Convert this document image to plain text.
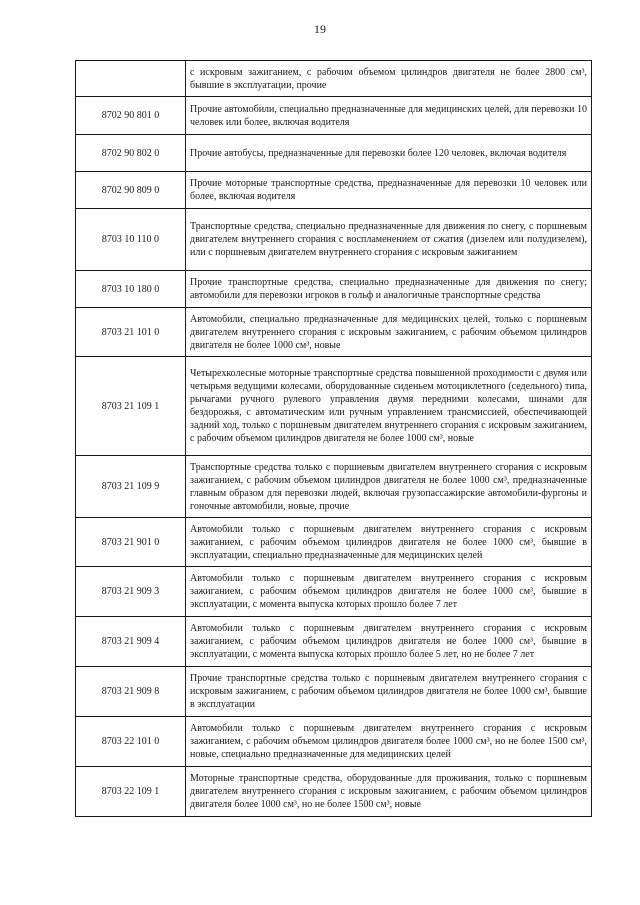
19
	с искровым зажиганием, с рабочим объемом цилиндров двигателя не более 2800 см³, бывшие в эксплуатации, прочие
8702 90 801 0	Прочие автомобили, специально предназначенные для медицинских целей, для перевозки 10 человек или более, включая водителя
8702 90 802 0	Прочие автобусы, предназначенные для перевозки более 120 человек, включая водителя
8702 90 809 0	Прочие моторные транспортные средства, предназначенные для перевозки 10 человек или более, включая водителя
8703 10 110 0	Транспортные средства, специально предназначенные для движения по снегу, с поршневым двигателем внутреннего сгорания с воспламенением от сжатия (дизелем или полудизелем), или с поршневым двигателем внутреннего сгорания с искровым зажиганием
8703 10 180 0	Прочие транспортные средства, специально предназначенные для движения по снегу; автомобили для перевозки игроков в гольф и аналогичные транспортные средства
8703 21 101 0	Автомобили, специально предназначенные для медицинских целей, только с поршневым двигателем внутреннего сгорания с искровым зажиганием, с рабочим объемом цилиндров двигателя не более 1000 см³, новые
8703 21 109 1	Четырехколесные моторные транспортные средства повышенной проходимости с двумя или четырьмя ведущими колесами, оборудованные сиденьем мотоциклетного (седельного) типа, рычагами ручного рулевого управления двумя передними колесами, шинами для бездорожья, с автоматическим или ручным управлением трансмиссией, обеспечивающей задний ход, только с поршневым двигателем внутреннего сгорания с искровым зажиганием, с рабочим объемом цилиндров двигателя не более 1000 см³, новые
8703 21 109 9	Транспортные средства только с поршневым двигателем внутреннего сгорания с искровым зажиганием, с рабочим объемом цилиндров двигателя не более 1000 см³, предназначенные главным образом для перевозки людей, включая грузопассажирские автомобили-фургоны и гоночные автомобили, новые, прочие
8703 21 901 0	Автомобили только с поршневым двигателем внутреннего сгорания с искровым зажиганием, с рабочим объемом цилиндров двигателя не более 1000 см³, бывшие в эксплуатации, специально предназначенные для медицинских целей
8703 21 909 3	Автомобили только с поршневым двигателем внутреннего сгорания с искровым зажиганием, с рабочим объемом цилиндров двигателя не более 1000 см³, бывшие в эксплуатации, с момента выпуска которых прошло более 7 лет
8703 21 909 4	Автомобили только с поршневым двигателем внутреннего сгорания с искровым зажиганием, с рабочим объемом цилиндров двигателя не более 1000 см³, бывшие в эксплуатации, с момента выпуска которых прошло более 5 лет, но не более 7 лет
8703 21 909 8	Прочие транспортные средства только с поршневым двигателем внутреннего сгорания с искровым зажиганием, с рабочим объемом цилиндров двигателя не более 1000 см³, бывшие в эксплуатации
8703 22 101 0	Автомобили только с поршневым двигателем внутреннего сгорания с искровым зажиганием, с рабочим объемом цилиндров двигателя более 1000 см³, но не более 1500 см³, новые, специально предназначенные для медицинских целей
8703 22 109 1	Моторные транспортные средства, оборудованные для проживания, только с поршневым двигателем внутреннего сгорания с искровым зажиганием, с рабочим объемом цилиндров двигателя более 1000 см³, но не более 1500 см³, новые
